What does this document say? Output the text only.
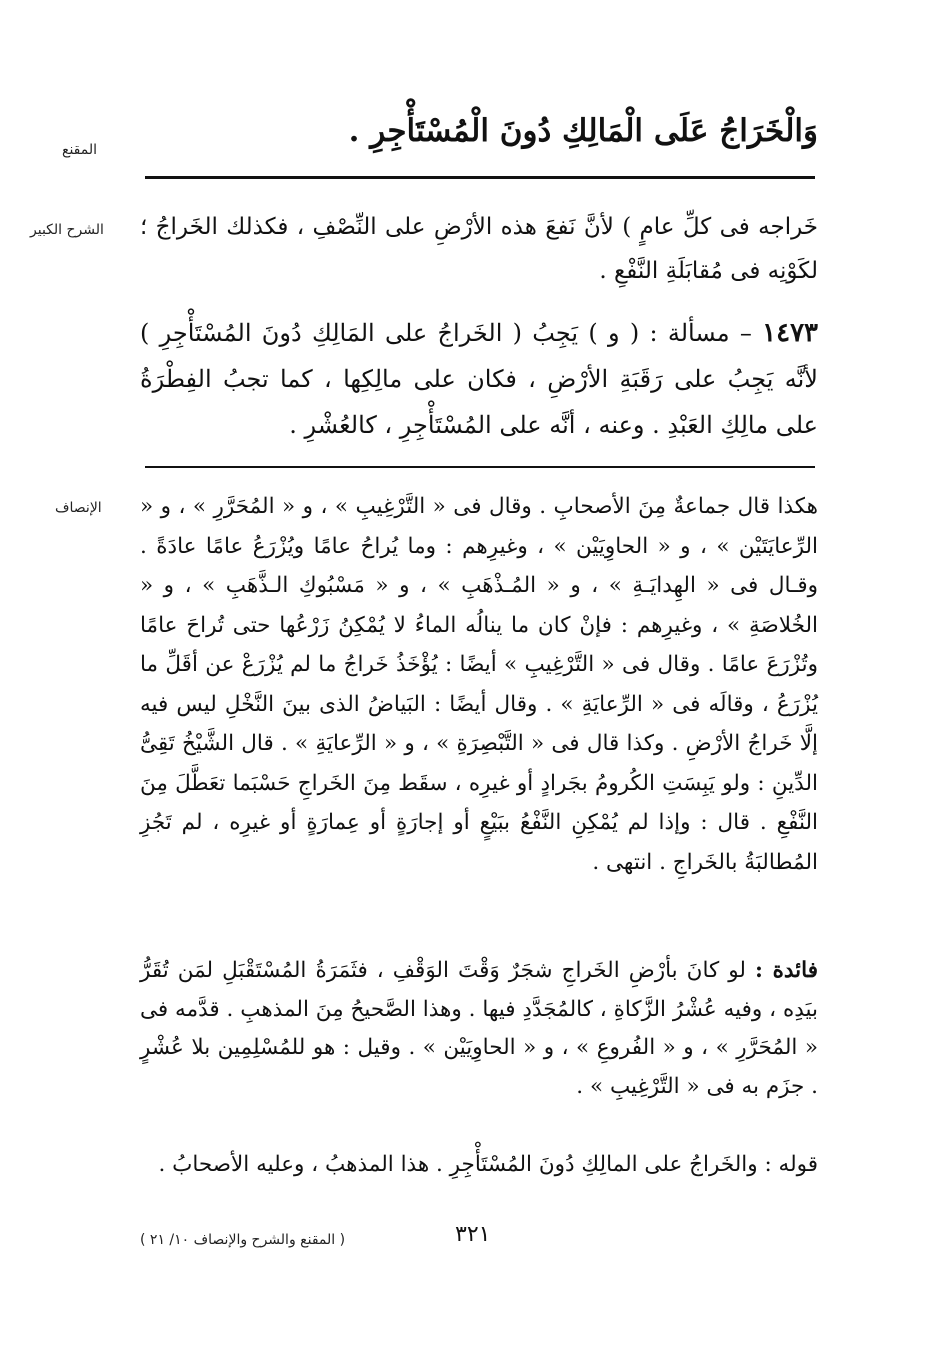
المقنع

وَالْخَرَاجُ عَلَى الْمَالِكِ دُونَ الْمُسْتَأْجِرِ .

الشرح الكبير خَراجه فى كلِّ عامٍ ) لأنَّ نَفعَ هذه الأرْضِ على النِّصْفِ ، فكذلك الخَراجُ ؛ لكَوْنِه فى مُقابَلَةِ النَّفْعِ .

١٤٧٣ – مسألة : ( و ) يَجِبُ ( الخَراجُ على المَالِكِ دُونَ المُسْتَأْجِرِ ) لأنَّه يَجِبُ على رَقَبَةِ الأرْضِ ، فكان على مالِكِها ، كما تجبُ الفِطْرَةُ على مالِكِ العَبْدِ . وعنه ، أنَّه على المُسْتَأْجِرِ ، كالعُشْرِ .

الإنصاف هكذا قال جماعةٌ مِنَ الأصحابِ . وقال فى « التَّرْغِيبِ » ، و « المُحَرَّرِ » ، و « الرِّعايَتَيْن » ، و « الحاوِيَيْن » ، وغيرِهم : وما يُراحُ عامًا ويُزْرَعُ عامًا عادَةً . وقـال فى « الهِدايَـةِ » ، و « المُـذْهَبِ » ، و « مَسْبُوكِ الـذَّهَبِ » ، و « الخُلاصَةِ » ، وغيرِهم : فإنْ كان ما ينالُه الماءُ لا يُمْكِنُ زَرْعُها حتى تُراحَ عامًا وتُزْرَعَ عامًا . وقال فى « التَّرْغِيبِ » أيضًا : يُؤْخَذُ خَراجُ ما لم يُزْرَعْ عن أقَلِّ ما يُزْرَعُ ، وقالَه فى « الرِّعايَةِ » . وقال أيضًا : البَياضُ الذى بينَ النَّخْلِ ليس فيه إلَّا خَراجُ الأرْضِ . وكذا قال فى « التَّبْصِرَةِ » ، و « الرِّعايَةِ » . قال الشَّيْخُ تَقِىُّ الدِّينِ : ولو يَبِسَتِ الكُرومُ بجَرادٍ أو غيرِه ، سقَط مِنَ الخَراجِ حَسْبَما تعَطَّلَ مِنَ النَّفْعِ . قال : وإذا لم يُمْكِنِ النَّفْعُ ببَيْعٍ أو إجارَةٍ أو عِمارَةٍ أو غيرِه ، لم تَجُزِ المُطالبَةُ بالخَراجِ . انتهى .

فائدة : لو كانَ بأرْضِ الخَراجِ شجَرٌ وَقْتَ الوَقْفِ ، فثَمَرَةُ المُسْتَقْبَلِ لمَن تُقَرُّ بيَدِه ، وفيه عُشْرُ الزَّكاةِ ، كالمُجَدَّدِ فيها . وهذا الصَّحيحُ مِنَ المذهبِ . قدَّمه فى « المُحَرَّرِ » ، و « الفُروعِ » ، و « الحاوِيَيْن » . وقيل : هو للمُسْلِمِين بلا عُشْرٍ . جزَم به فى « التَّرْغِيبِ » .

قوله : والخَراجُ على المالِكِ دُونَ المُسْتَأْجِرِ . هذا المذهبُ ، وعليه الأصحابُ .

٣٢١
( المقنع والشرح والإنصاف ١٠/ ٢١ )
